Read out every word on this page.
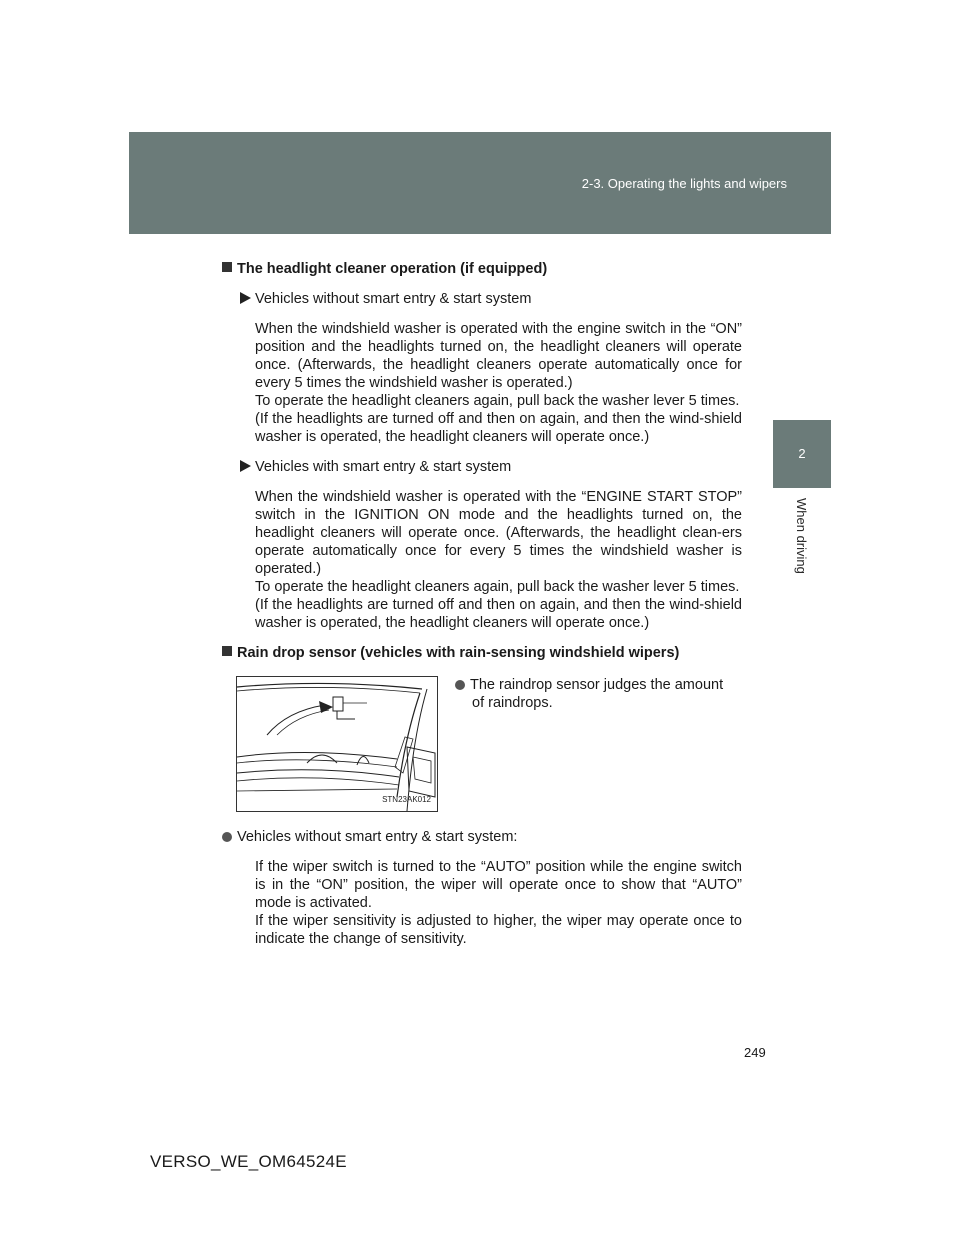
2-3. Operating the lights and wipers
2
When driving
The headlight cleaner operation (if equipped)
Vehicles without smart entry & start system

When the windshield washer is operated with the engine switch in the “ON” position and the headlights turned on, the headlight cleaners will operate once. (Afterwards, the headlight cleaners operate automatically once for every 5 times the windshield washer is operated.)

To operate the headlight cleaners again, pull back the washer lever 5 times.

(If the headlights are turned off and then on again, and then the wind-shield washer is operated, the headlight cleaners will operate once.)

Vehicles with smart entry & start system

When the windshield washer is operated with the “ENGINE START STOP” switch in the IGNITION ON mode and the headlights turned on, the headlight cleaners will operate once. (Afterwards, the headlight clean-ers operate automatically once for every 5 times the windshield washer is operated.)

To operate the headlight cleaners again, pull back the washer lever 5 times.

(If the headlights are turned off and then on again, and then the wind-shield washer is operated, the headlight cleaners will operate once.)

Rain drop sensor (vehicles with rain-sensing windshield wipers)
STN23AK012
The raindrop sensor judges the amount of raindrops.
Vehicles without smart entry & start system:

If the wiper switch is turned to the “AUTO” position while the engine switch is in the “ON” position, the wiper will operate once to show that “AUTO” mode is activated.

If the wiper sensitivity is adjusted to higher, the wiper may operate once to indicate the change of sensitivity.

249
VERSO_WE_OM64524E
